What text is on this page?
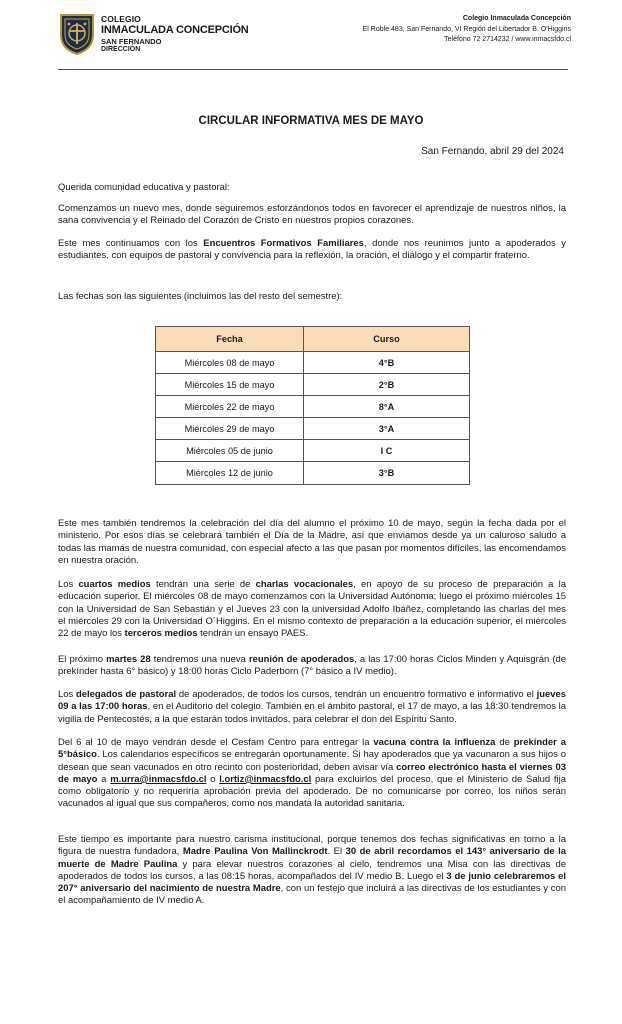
COLEGIO
INMACULADA CONCEPCIÓN
SAN FERNANDO
DIRECCIÓN
Colegio Inmaculada Concepción
El Roble 483, San Fernando, VI Región del Libertador B. O'Higgins
Teléfono 72 2714232 / www.inmacsfdo.cl
CIRCULAR INFORMATIVA MES DE MAYO
San Fernando, abril 29 del 2024

Querida comunidad educativa y pastoral:

Comenzamos un nuevo mes, donde seguiremos esforzándonos todos en favorecer el aprendizaje de nuestros niños, la sana convivencia y el Reinado del Corazón de Cristo en nuestros propios corazones.

Este mes continuamos con los Encuentros Formativos Familiares, donde nos reunimos junto a apoderados y estudiantes, con equipos de pastoral y convivencia para la reflexión, la oración, el diálogo y el compartir fraterno.

Las fechas son las siguientes (incluimos las del resto del semestre):

Fecha	Curso
Miércoles 08 de mayo	4°B
Miércoles 15 de mayo	2°B
Miércoles 22 de mayo	8°A
Miércoles 29 de mayo	3°A
Miércoles 05 de junio	I C
Miércoles 12 de junio	3°B

Este mes también tendremos la celebración del día del alumno el próximo 10 de mayo, según la fecha dada por el ministerio. Por esos días se celebrará también el Día de la Madre, así que enviamos desde ya un caluroso saludo a todas las mamás de nuestra comunidad, con especial afecto a las que pasan por momentos difíciles, las encomendamos en nuestra oración.

Los cuartos medios tendrán una serie de charlas vocacionales, en apoyo de su proceso de preparación a la educación superior. El miércoles 08 de mayo comenzamos con la Universidad Autónoma; luego el próximo miércoles 15 con la Universidad de San Sebastián y el Jueves 23 con la universidad Adolfo Ibáñez, completando las charlas del mes el miércoles 29 con la Universidad O´Higgins. En el mismo contexto de preparación a la educación superior, el miércoles 22 de mayo los terceros medios tendrán un ensayo PAES.

El próximo martes 28 tendremos una nueva reunión de apoderados, a las 17:00 horas Ciclos Minden y Aquisgrán (de prekínder hasta 6° básico) y 18:00 horas Ciclo Paderborn (7° básico a IV medio).

Los delegados de pastoral de apoderados, de todos los cursos, tendrán un encuentro formativo e informativo el jueves 09 a las 17:00 horas, en el Auditorio del colegio. También en el ámbito pastoral, el 17 de mayo, a las 18:30 tendremos la vigilia de Pentecostés, a la que estarán todos invitados, para celebrar el don del Espíritu Santo.

Del 6 al 10 de mayo vendrán desde el Cesfam Centro para entregar la vacuna contra la influenza de prekínder a 5°básico. Los calendarios específicos se entregarán oportunamente. Si hay apoderados que ya vacunaron a sus hijos o desean que sean vacunados en otro recinto con posterioridad, deben avisar vía correo electrónico hasta el viernes 03 de mayo a m.urra@inmacsfdo.cl o l.ortiz@inmacsfdo.cl para excluirlos del proceso, que el Ministerio de Salud fija como obligatorio y no requeriría aprobación previa del apoderado. De no comunicarse por correo, los niños serán vacunados al igual que sus compañeros, como nos mandata la autoridad sanitaria.

Este tiempo es importante para nuestro carisma institucional, porque tenemos dos fechas significativas en torno a la figura de nuestra fundadora, Madre Paulina Von Mallinckrodt. El 30 de abril recordamos el 143° aniversario de la muerte de Madre Paulina y para elevar nuestros corazones al cielo, tendremos una Misa con las directivas de apoderados de todos los cursos, a las 08:15 horas, acompañados del IV medio B. Luego el 3 de junio celebraremos el 207° aniversario del nacimiento de nuestra Madre, con un festejo que incluirá a las directivas de los estudiantes y con el acompañamiento de IV medio A.
